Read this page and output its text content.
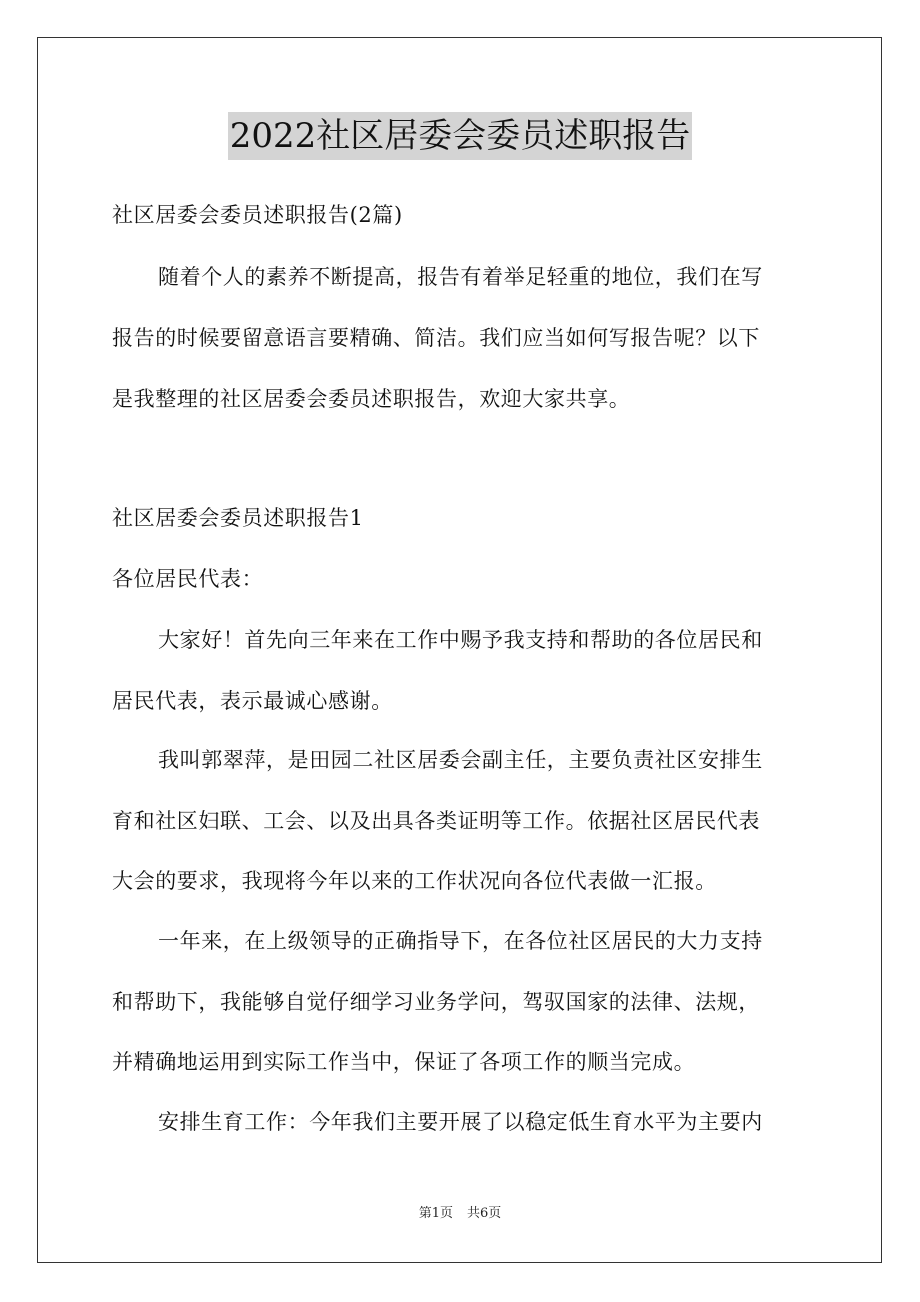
2022社区居委会委员述职报告
社区居委会委员述职报告(2篇)
随着个人的素养不断提高，报告有着举足轻重的地位，我们在写
报告的时候要留意语言要精确、简洁。我们应当如何写报告呢？以下
是我整理的社区居委会委员述职报告，欢迎大家共享。
社区居委会委员述职报告1
各位居民代表：
大家好！首先向三年来在工作中赐予我支持和帮助的各位居民和
居民代表，表示最诚心感谢。
我叫郭翠萍，是田园二社区居委会副主任，主要负责社区安排生
育和社区妇联、工会、以及出具各类证明等工作。依据社区居民代表
大会的要求，我现将今年以来的工作状况向各位代表做一汇报。
一年来，在上级领导的正确指导下，在各位社区居民的大力支持
和帮助下，我能够自觉仔细学习业务学问，驾驭国家的法律、法规，
并精确地运用到实际工作当中，保证了各项工作的顺当完成。
安排生育工作：今年我们主要开展了以稳定低生育水平为主要内
第1页 共6页
